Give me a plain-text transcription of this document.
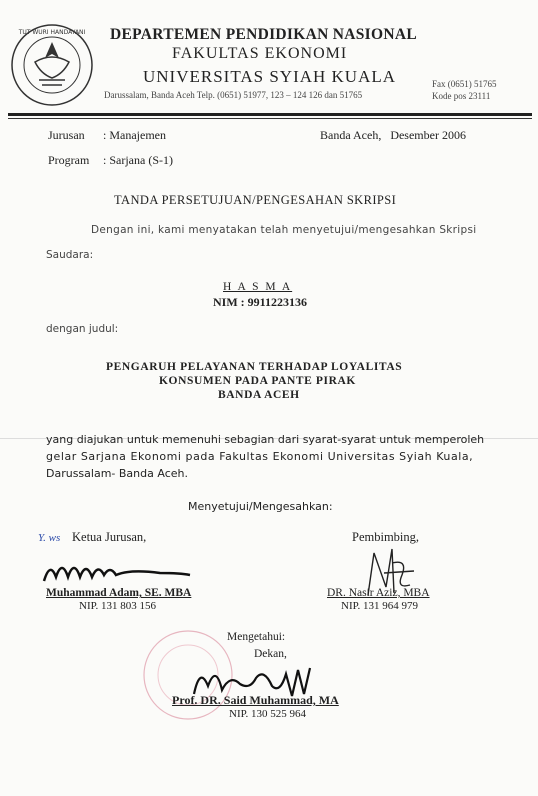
TUT WURI HANDAYANI DEPARTEMEN PENDIDIKAN NASIONAL
FAKULTAS EKONOMI
UNIVERSITAS SYIAH KUALA
Darussalam, Banda Aceh Telp. (0651) 51977, 123 – 124 126 dan 51765
Fax (0651) 51765
Kode pos 23111
Jurusan : Manajemen
Program : Sarjana (S-1)
Banda Aceh,   Desember 2006
TANDA PERSETUJUAN/PENGESAHAN SKRIPSI
Dengan ini, kami menyatakan telah menyetujui/mengesahkan Skripsi
Saudara:
H A S M A
NIM : 9911223136
dengan judul:
PENGARUH PELAYANAN TERHADAP LOYALITAS
KONSUMEN PADA PANTE PIRAK
BANDA ACEH
yang diajukan untuk memenuhi sebagian dari syarat-syarat untuk memperoleh
gelar Sarjana Ekonomi pada Fakultas Ekonomi Universitas Syiah Kuala,
Darussalam- Banda Aceh.
Menyetujui/Mengesahkan:
Y. ws Ketua Jurusan,
Muhammad Adam, SE. MBA
NIP. 131 803 156
Pembimbing,
DR. Nasir Aziz, MBA
NIP. 131 964 979
Mengetahui:
Dekan,
Prof. DR. Said Muhammad, MA
NIP. 130 525 964
